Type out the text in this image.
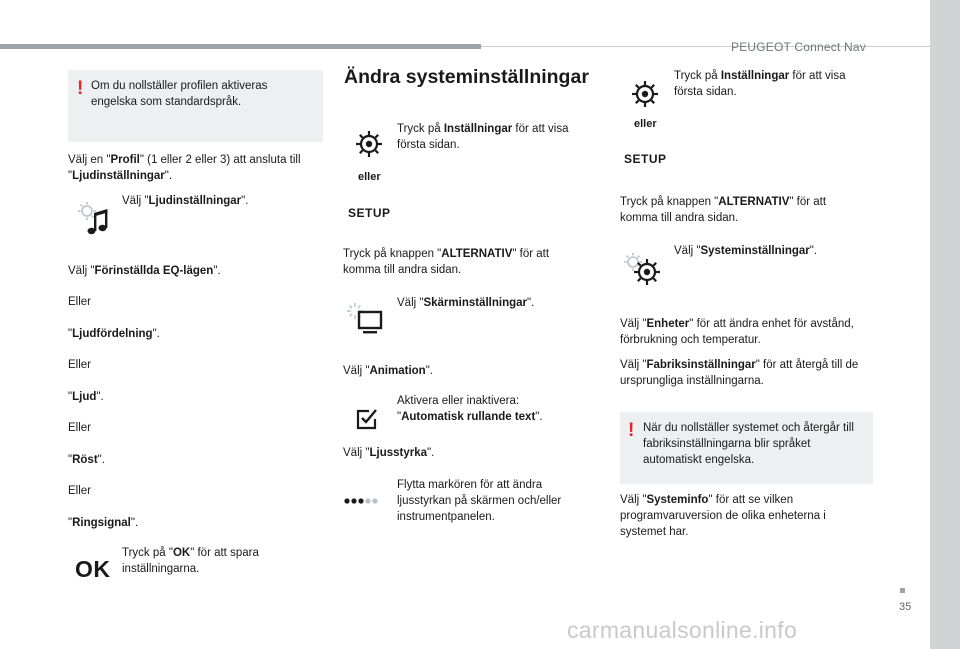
PEUGEOT Connect Nav
! Om du nollställer profilen aktiveras engelska som standardspråk.
Välj en "Profil" (1 eller 2 eller 3) att ansluta till "Ljudinställningar".
Välj "Ljudinställningar".
Välj "Förinställda EQ-lägen".
Eller
"Ljudfördelning".
Eller
"Ljud".
Eller
"Röst".
Eller
"Ringsignal".
OK
Tryck på "OK" för att spara inställningarna.
Ändra systeminställningar
eller
SETUP
Tryck på Inställningar för att visa första sidan.
Tryck på knappen "ALTERNATIV" för att komma till andra sidan.
Välj "Skärminställningar".
Välj "Animation".
Aktivera eller inaktivera: "Automatisk rullande text".
Välj "Ljusstyrka".
Flytta markören för att ändra ljusstyrkan på skärmen och/eller instrumentpanelen.
eller
SETUP
Tryck på Inställningar för att visa första sidan.
Tryck på knappen "ALTERNATIV" för att komma till andra sidan.
Välj "Systeminställningar".
Välj "Enheter" för att ändra enhet för avstånd, förbrukning och temperatur.
Välj "Fabriksinställningar" för att återgå till de ursprungliga inställningarna.
! När du nollställer systemet och återgår till fabriksinställningarna blir språket automatiskt engelska.
Välj "Systeminfo" för att se vilken programvaruversion de olika enheterna i systemet har.
35
carmanualsonline.info
